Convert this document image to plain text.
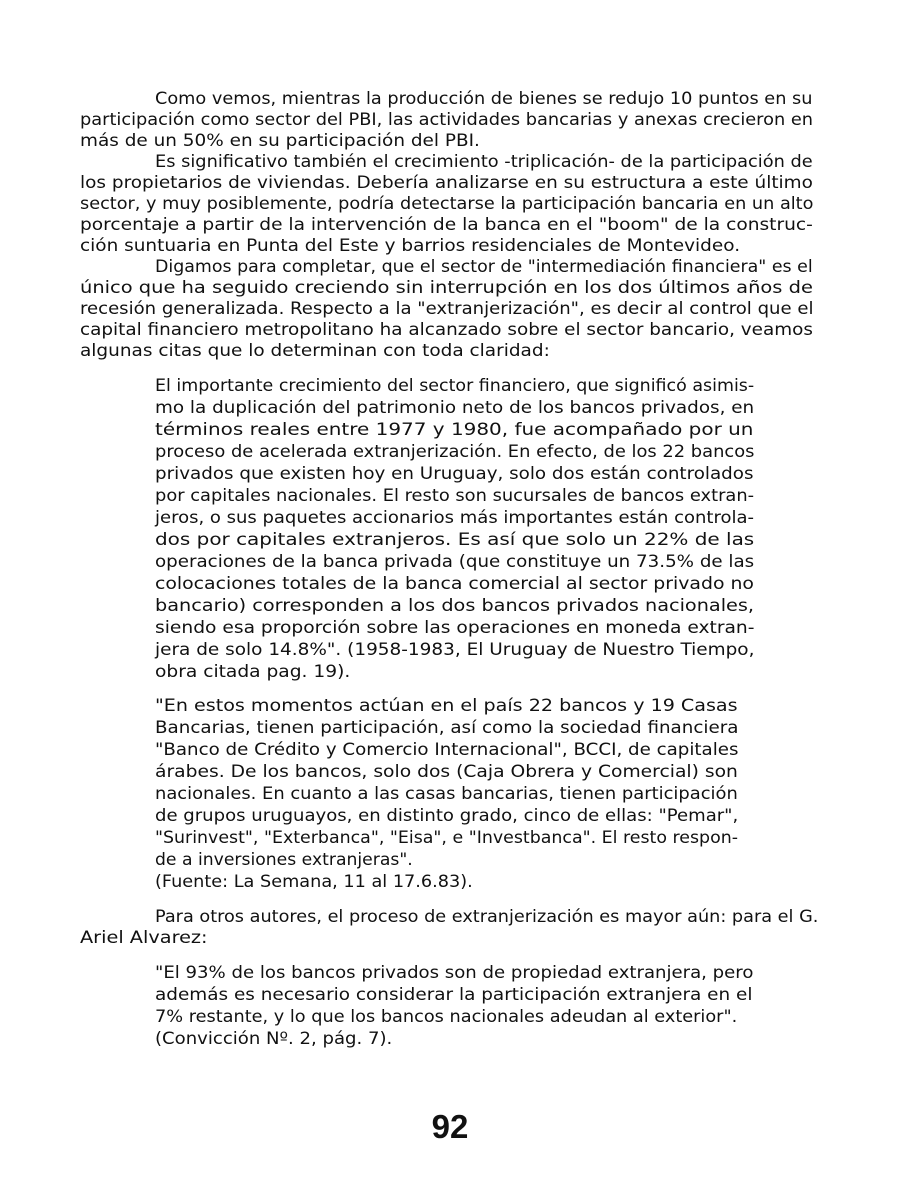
Como vemos, mientras la producción de bienes se redujo 10 puntos en su
participación como sector del PBI, las actividades bancarias y anexas crecieron en
más de un 50% en su participación del PBI.
Es significativo también el crecimiento -triplicación- de la participación de
los propietarios de viviendas. Debería analizarse en su estructura a este último
sector, y muy posiblemente, podría detectarse la participación bancaria en un alto
porcentaje a partir de la intervención de la banca en el "boom" de la construc-
ción suntuaria en Punta del Este y barrios residenciales de Montevideo.
Digamos para completar, que el sector de "intermediación financiera" es el
único que ha seguido creciendo sin interrupción en los dos últimos años de
recesión generalizada. Respecto a la "extranjerización", es decir al control que el
capital financiero metropolitano ha alcanzado sobre el sector bancario, veamos
algunas citas que lo determinan con toda claridad:
El importante crecimiento del sector financiero, que significó asimis-
mo la duplicación del patrimonio neto de los bancos privados, en
términos reales entre 1977 y 1980, fue acompañado por un
proceso de acelerada extranjerización. En efecto, de los 22 bancos
privados que existen hoy en Uruguay, solo dos están controlados
por capitales nacionales. El resto son sucursales de bancos extran-
jeros, o sus paquetes accionarios más importantes están controla-
dos por capitales extranjeros. Es así que solo un 22% de las
operaciones de la banca privada (que constituye un 73.5% de las
colocaciones totales de la banca comercial al sector privado no
bancario) corresponden a los dos bancos privados nacionales,
siendo esa proporción sobre las operaciones en moneda extran-
jera de solo 14.8%". (1958-1983, El Uruguay de Nuestro Tiempo,
obra citada pag. 19).
"En estos momentos actúan en el país 22 bancos y 19 Casas
Bancarias, tienen participación, así como la sociedad financiera
"Banco de Crédito y Comercio Internacional", BCCI, de capitales
árabes. De los bancos, solo dos (Caja Obrera y Comercial) son
nacionales. En cuanto a las casas bancarias, tienen participación
de grupos uruguayos, en distinto grado, cinco de ellas: "Pemar",
"Surinvest", "Exterbanca", "Eisa", e "Investbanca". El resto respon-
de a inversiones extranjeras".
(Fuente: La Semana, 11 al 17.6.83).
Para otros autores, el proceso de extranjerización es mayor aún: para el G.
Ariel Alvarez:
"El 93% de los bancos privados son de propiedad extranjera, pero
además es necesario considerar la participación extranjera en el
7% restante, y lo que los bancos nacionales adeudan al exterior".
(Convicción Nº. 2, pág. 7).
92
